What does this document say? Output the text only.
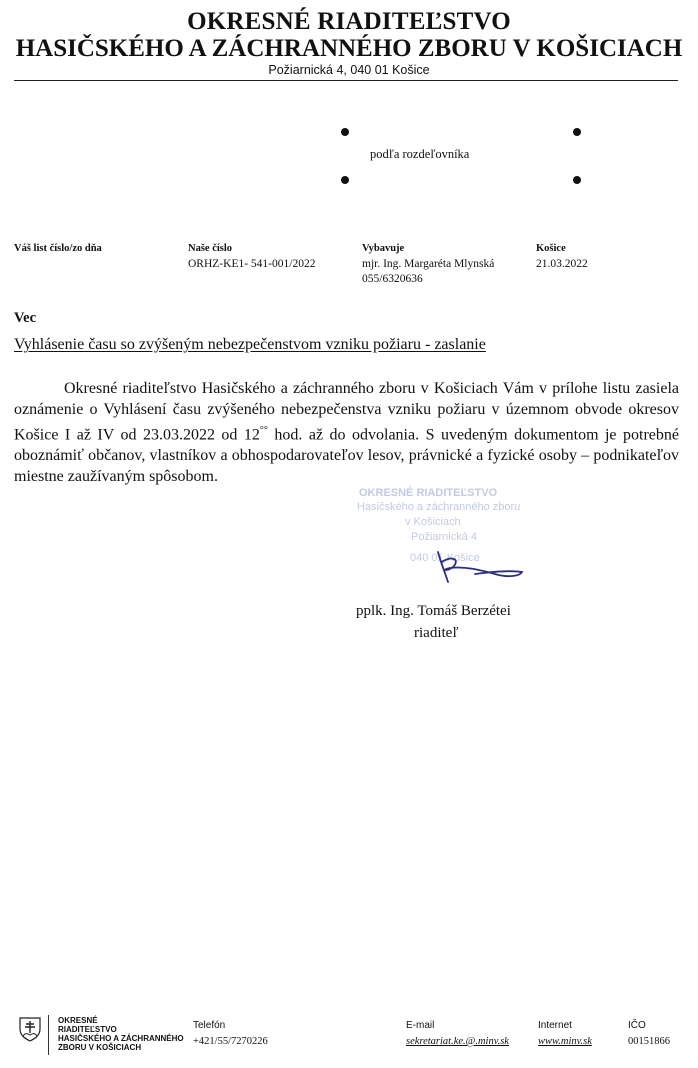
OKRESNÉ RIADITEĽSTVO
HASIČSKÉHO A ZÁCHRANNÉHO ZBORU V KOŠICIACH
Požiarnická 4, 040 01 Košice
podľa rozdeľovníka
Váš list číslo/zo dňa	Naše číslo
ORHZ-KE1- 541-001/2022
Vybavuje
mjr. Ing. Margaréta Mlynská
055/6320636
Košice
21.03.2022
Vec
Vyhlásenie času so zvýšeným nebezpečenstvom vzniku požiaru - zaslanie

Okresné riaditeľstvo Hasičského a záchranného zboru v Košiciach Vám v prílohe listu zasiela oznámenie o Vyhlásení času zvýšeného nebezpečenstva vzniku požiaru v územnom obvode okresov Košice I až IV od 23.03.2022 od 12°° hod. až do odvolania. S uvedeným dokumentom je potrebné oboznámiť občanov, vlastníkov a obhospodarovateľov lesov, právnické a fyzické osoby – podnikateľov miestne zaužívaným spôsobom.

OKRESNÉ RIADITEĽSTVO
Hasičského a záchranného zboru
v Košiciach
Požiarnická 4
040 01 Košice
pplk. Ing. Tomáš Berzétei
riaditeľ
OKRESNÉ
RIADITEĽSTVO
HASIČSKÉHO A ZÁCHRANNÉHO
ZBORU V KOŠICIACH
Telefón
+421/55/7270226
E-mail
sekretariat.ke.@.minv.sk
Internet
www.minv.sk
IČO
00151866
